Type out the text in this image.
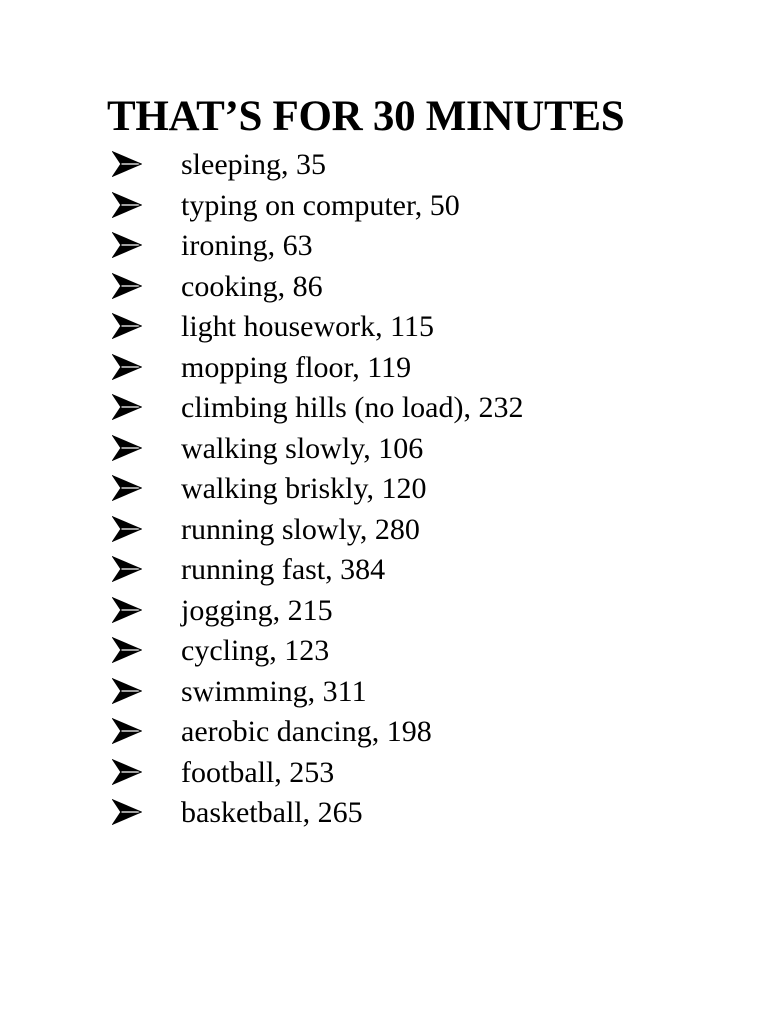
THAT’S FOR 30 MINUTES
sleeping, 35
typing on computer, 50
ironing, 63
cooking, 86
light housework, 115
mopping floor, 119
climbing hills (no load), 232
walking slowly, 106
walking briskly, 120
running slowly, 280
running fast, 384
jogging, 215
cycling, 123
swimming, 311
aerobic dancing, 198
football, 253
basketball, 265
